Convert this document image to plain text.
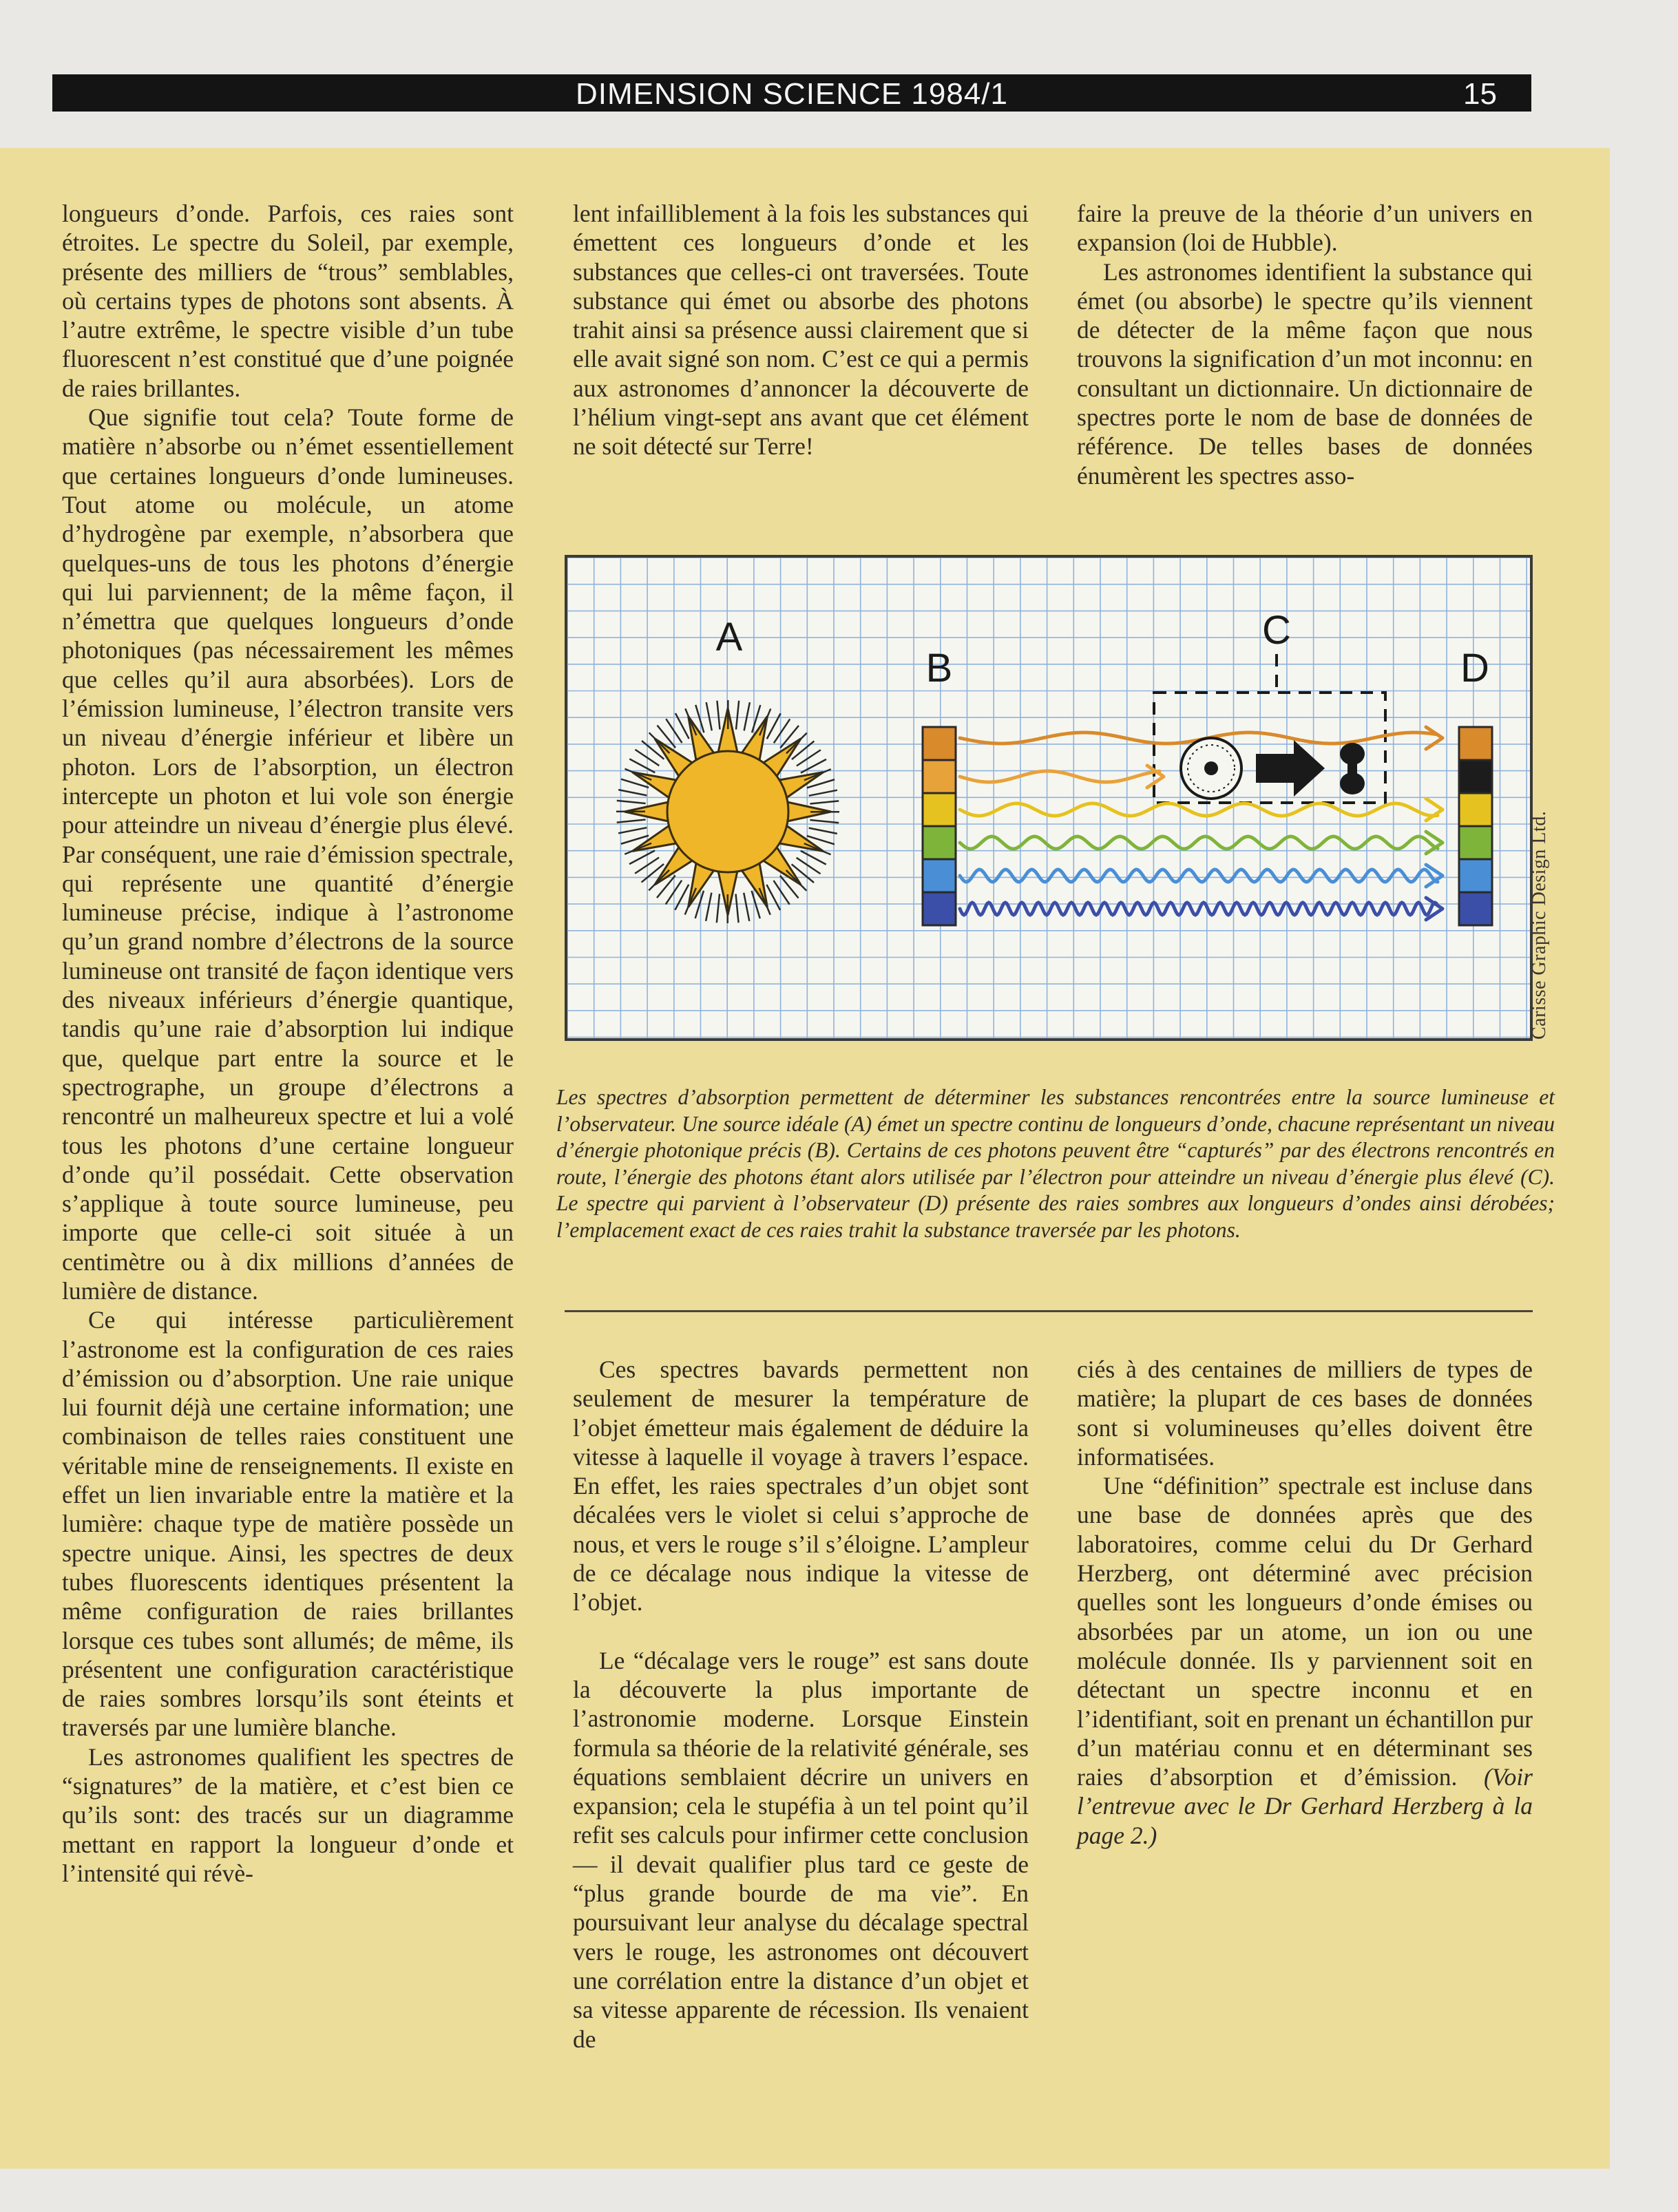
DIMENSION SCIENCE 1984/1	15

longueurs d’onde. Parfois, ces raies sont étroites. Le spectre du Soleil, par exemple, présente des milliers de “trous” semblables, où certains types de photons sont absents. À l’autre extrême, le spectre visible d’un tube fluorescent n’est constitué que d’une poignée de raies brillantes.

Que signifie tout cela? Toute forme de matière n’absorbe ou n’émet essentiellement que certaines longueurs d’onde lumineuses. Tout atome ou molécule, un atome d’hydrogène par exemple, n’absorbera que quelques-uns de tous les photons d’énergie qui lui parviennent; de la même façon, il n’émettra que quelques longueurs d’onde photoniques (pas nécessairement les mêmes que celles qu’il aura absorbées). Lors de l’émission lumineuse, l’électron transite vers un niveau d’énergie inférieur et libère un photon. Lors de l’absorption, un électron intercepte un photon et lui vole son énergie pour atteindre un niveau d’énergie plus élevé. Par conséquent, une raie d’émission spectrale, qui représente une quantité d’énergie lumineuse précise, indique à l’astronome qu’un grand nombre d’électrons de la source lumineuse ont transité de façon identique vers des niveaux inférieurs d’énergie quantique, tandis qu’une raie d’absorption lui indique que, quelque part entre la source et le spectrographe, un groupe d’électrons a rencontré un malheureux spectre et lui a volé tous les photons d’une certaine longueur d’onde qu’il possédait. Cette observation s’applique à toute source lumineuse, peu importe que celle-ci soit située à un centimètre ou à dix millions d’années de lumière de distance.

Ce qui intéresse particulièrement l’astronome est la configuration de ces raies d’émission ou d’absorption. Une raie unique lui fournit déjà une certaine information; une combinaison de telles raies constituent une véritable mine de renseignements. Il existe en effet un lien invariable entre la matière et la lumière: chaque type de matière possède un spectre unique. Ainsi, les spectres de deux tubes fluorescents identiques présentent la même configuration de raies brillantes lorsque ces tubes sont allumés; de même, ils présentent une configuration caractéristique de raies sombres lorsqu’ils sont éteints et traversés par une lumière blanche.

Les astronomes qualifient les spectres de “signatures” de la matière, et c’est bien ce qu’ils sont: des tracés sur un diagramme mettant en rapport la longueur d’onde et l’intensité qui révè-

lent infailliblement à la fois les substances qui émettent ces longueurs d’onde et les substances que celles-ci ont traversées. Toute substance qui émet ou absorbe des photons trahit ainsi sa présence aussi clairement que si elle avait signé son nom. C’est ce qui a permis aux astronomes d’annoncer la découverte de l’hélium vingt-sept ans avant que cet élément ne soit détecté sur Terre!

faire la preuve de la théorie d’un univers en expansion (loi de Hubble).

Les astronomes identifient la substance qui émet (ou absorbe) le spectre qu’ils viennent de détecter de la même façon que nous trouvons la signification d’un mot inconnu: en consultant un dictionnaire. Un dictionnaire de spectres porte le nom de base de données de référence. De telles bases de données énumèrent les spectres asso-

A
B	D
C
Les spectres d’absorption permettent de déterminer les substances rencontrées entre la source lumineuse et l’observateur. Une source idéale (A) émet un spectre continu de longueurs d’onde, chacune représentant un niveau d’énergie photonique précis (B). Certains de ces photons peuvent être “capturés” par des électrons rencontrés en route, l’énergie des photons étant alors utilisée par l’électron pour atteindre un niveau d’énergie plus élevé (C). Le spectre qui parvient à l’observateur (D) présente des raies sombres aux longueurs d’ondes ainsi dérobées; l’emplacement exact de ces raies trahit la substance traversée par les photons.

Ces spectres bavards permettent non seulement de mesurer la température de l’objet émetteur mais également de déduire la vitesse à laquelle il voyage à travers l’espace. En effet, les raies spectrales d’un objet sont décalées vers le violet si celui s’approche de nous, et vers le rouge s’il s’éloigne. L’ampleur de ce décalage nous indique la vitesse de l’objet.

Le “décalage vers le rouge” est sans doute la découverte la plus importante de l’astronomie moderne. Lorsque Einstein formula sa théorie de la relativité générale, ses équations semblaient décrire un univers en expansion; cela le stupéfia à un tel point qu’il refit ses calculs pour infirmer cette conclusion — il devait qualifier plus tard ce geste de “plus grande bourde de ma vie”. En poursuivant leur analyse du décalage spectral vers le rouge, les astronomes ont découvert une corrélation entre la distance d’un objet et sa vitesse apparente de récession. Ils venaient de

ciés à des centaines de milliers de types de matière; la plupart de ces bases de données sont si volumineuses qu’elles doivent être informatisées.

Une “définition” spectrale est incluse dans une base de données après que des laboratoires, comme celui du Dr Gerhard Herzberg, ont déterminé avec précision quelles sont les longueurs d’onde émises ou absorbées par un atome, un ion ou une molécule donnée. Ils y parviennent soit en détectant un spectre inconnu et en l’identifiant, soit en prenant un échantillon pur d’un matériau connu et en déterminant ses raies d’absorption et d’émission. (Voir l’entrevue avec le Dr Gerhard Herzberg à la page 2.)
